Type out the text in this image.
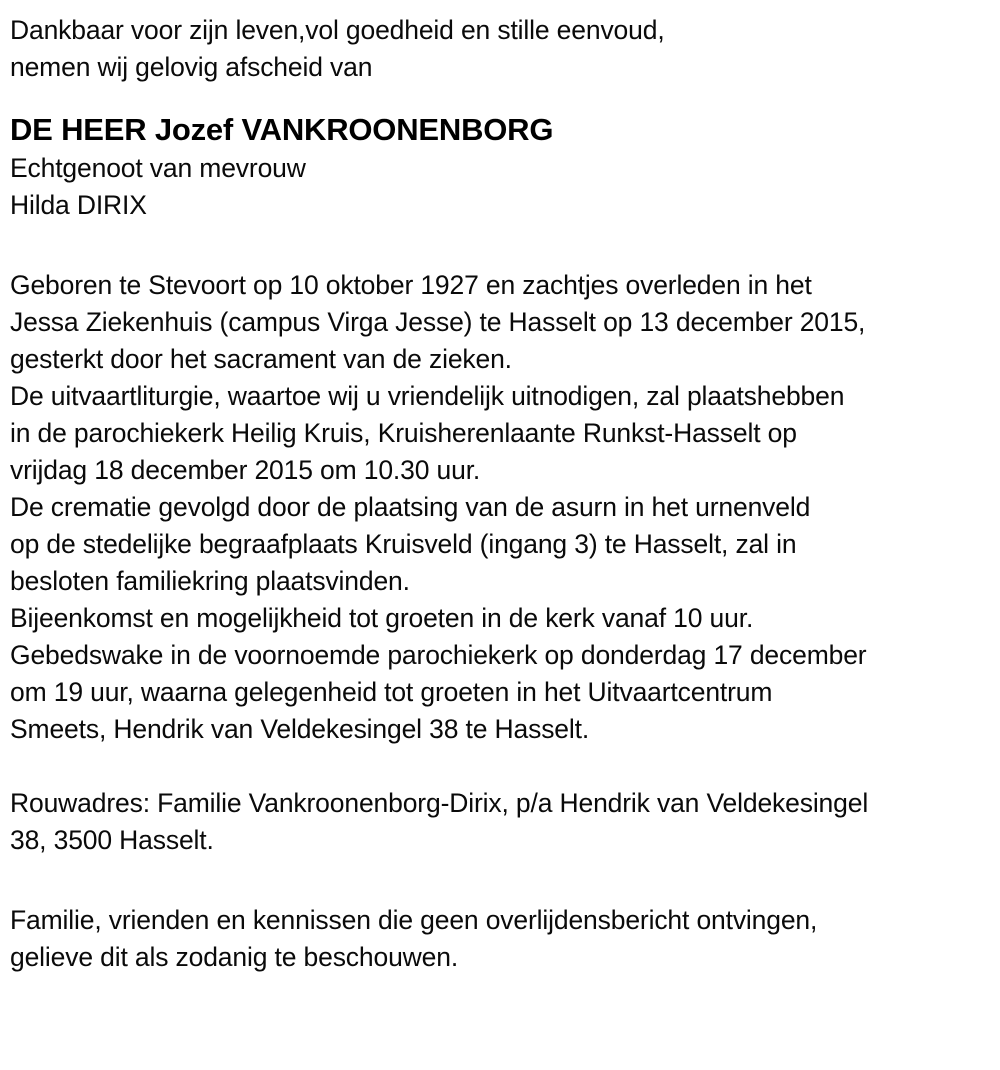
Dankbaar voor zijn leven,vol goedheid en stille eenvoud,
nemen wij gelovig afscheid van
DE HEER Jozef VANKROONENBORG
Echtgenoot van mevrouw
Hilda DIRIX
Geboren te Stevoort op 10 oktober 1927 en zachtjes overleden in het
Jessa Ziekenhuis (campus Virga Jesse) te Hasselt op 13 december 2015,
gesterkt door het sacrament van de zieken.
De uitvaartliturgie, waartoe wij u vriendelijk uitnodigen, zal plaatshebben
in de parochiekerk Heilig Kruis, Kruisherenlaante Runkst-Hasselt op
vrijdag 18 december 2015 om 10.30 uur.
De crematie gevolgd door de plaatsing van de asurn in het urnenveld
op de stedelijke begraafplaats Kruisveld (ingang 3) te Hasselt, zal in
besloten familiekring plaatsvinden.
Bijeenkomst en mogelijkheid tot groeten in de kerk vanaf 10 uur.
Gebedswake in de voornoemde parochiekerk op donderdag 17 december
om 19 uur, waarna gelegenheid tot groeten in het Uitvaartcentrum
Smeets, Hendrik van Veldekesingel 38 te Hasselt.
Rouwadres: Familie Vankroonenborg-Dirix, p/a Hendrik van Veldekesingel
38, 3500 Hasselt.
Familie, vrienden en kennissen die geen overlijdensbericht ontvingen,
gelieve dit als zodanig te beschouwen.
